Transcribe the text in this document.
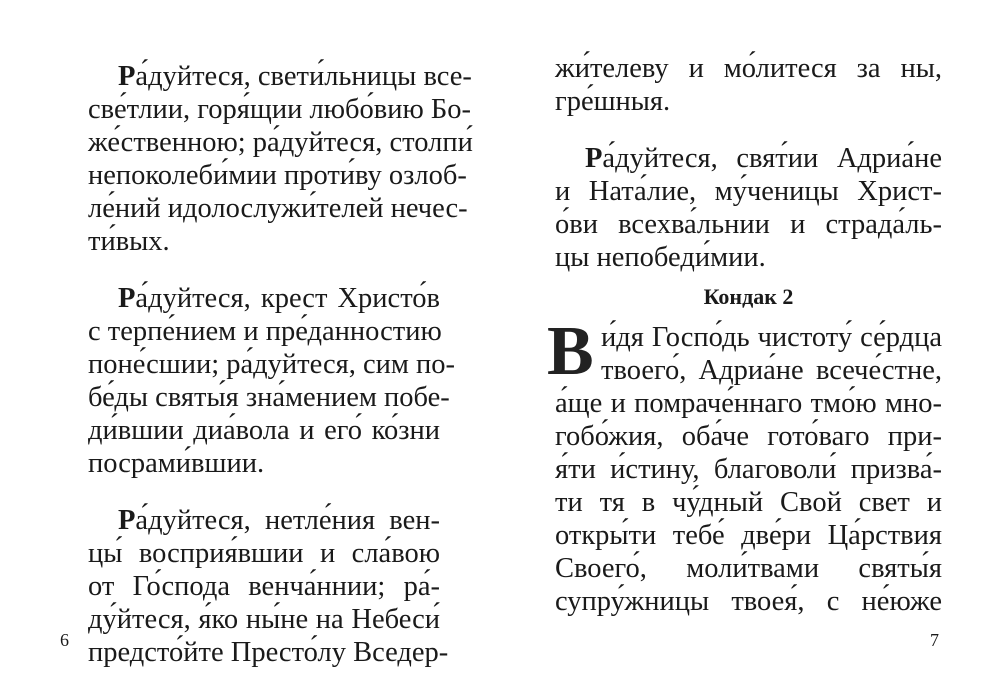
Ра́дуйтеся, свети́льницы все-
све́тлии, горя́щии любо́вию Бо-
же́ственною; ра́дуйтеся, столпи́
непоколеби́мии проти́ву озлоб-
ле́ний идолослужи́телей нечес-
ти́вых.
Ра́дуйтеся, крест Христо́в
с терпе́нием и пре́данностию
поне́сшии; ра́дуйтеся, сим по-
бе́ды святы́я зна́мением побе-
ди́вшии диа́вола и его́ ко́зни
посрами́вшии.
Ра́дуйтеся, нетле́ния вен-
цы́ восприя́вшии и сла́вою
от Го́спода венча́ннии; ра́-
ду́йтеся, я́ко ны́не на Небеси́
предсто́йте Престо́лу Вседер-
6
жи́телеву и мо́литеся за ны,
гре́шныя.
Ра́дуйтеся, свят́ии Адриа́не
и Ната́лие, му́ченицы Христ-
о́ви всехва́льнии и страда́ль-
цы непобеди́мии.
Кондак 2
В и́дя Госпо́дь чистоту́ се́рдца
твоего́, Адриа́не всече́стне,
а́ще и помраче́ннаго тмо́ю мно-
гобо́жия, оба́че гото́ваго при-
я́ти и́стину, благоволи́ призва́-
ти тя в чу́дный Свой свет и
откры́ти тебе́ две́ри Ца́рствия
Своего́, моли́твами святы́я
супру́жницы твоея́, с не́юже
7
